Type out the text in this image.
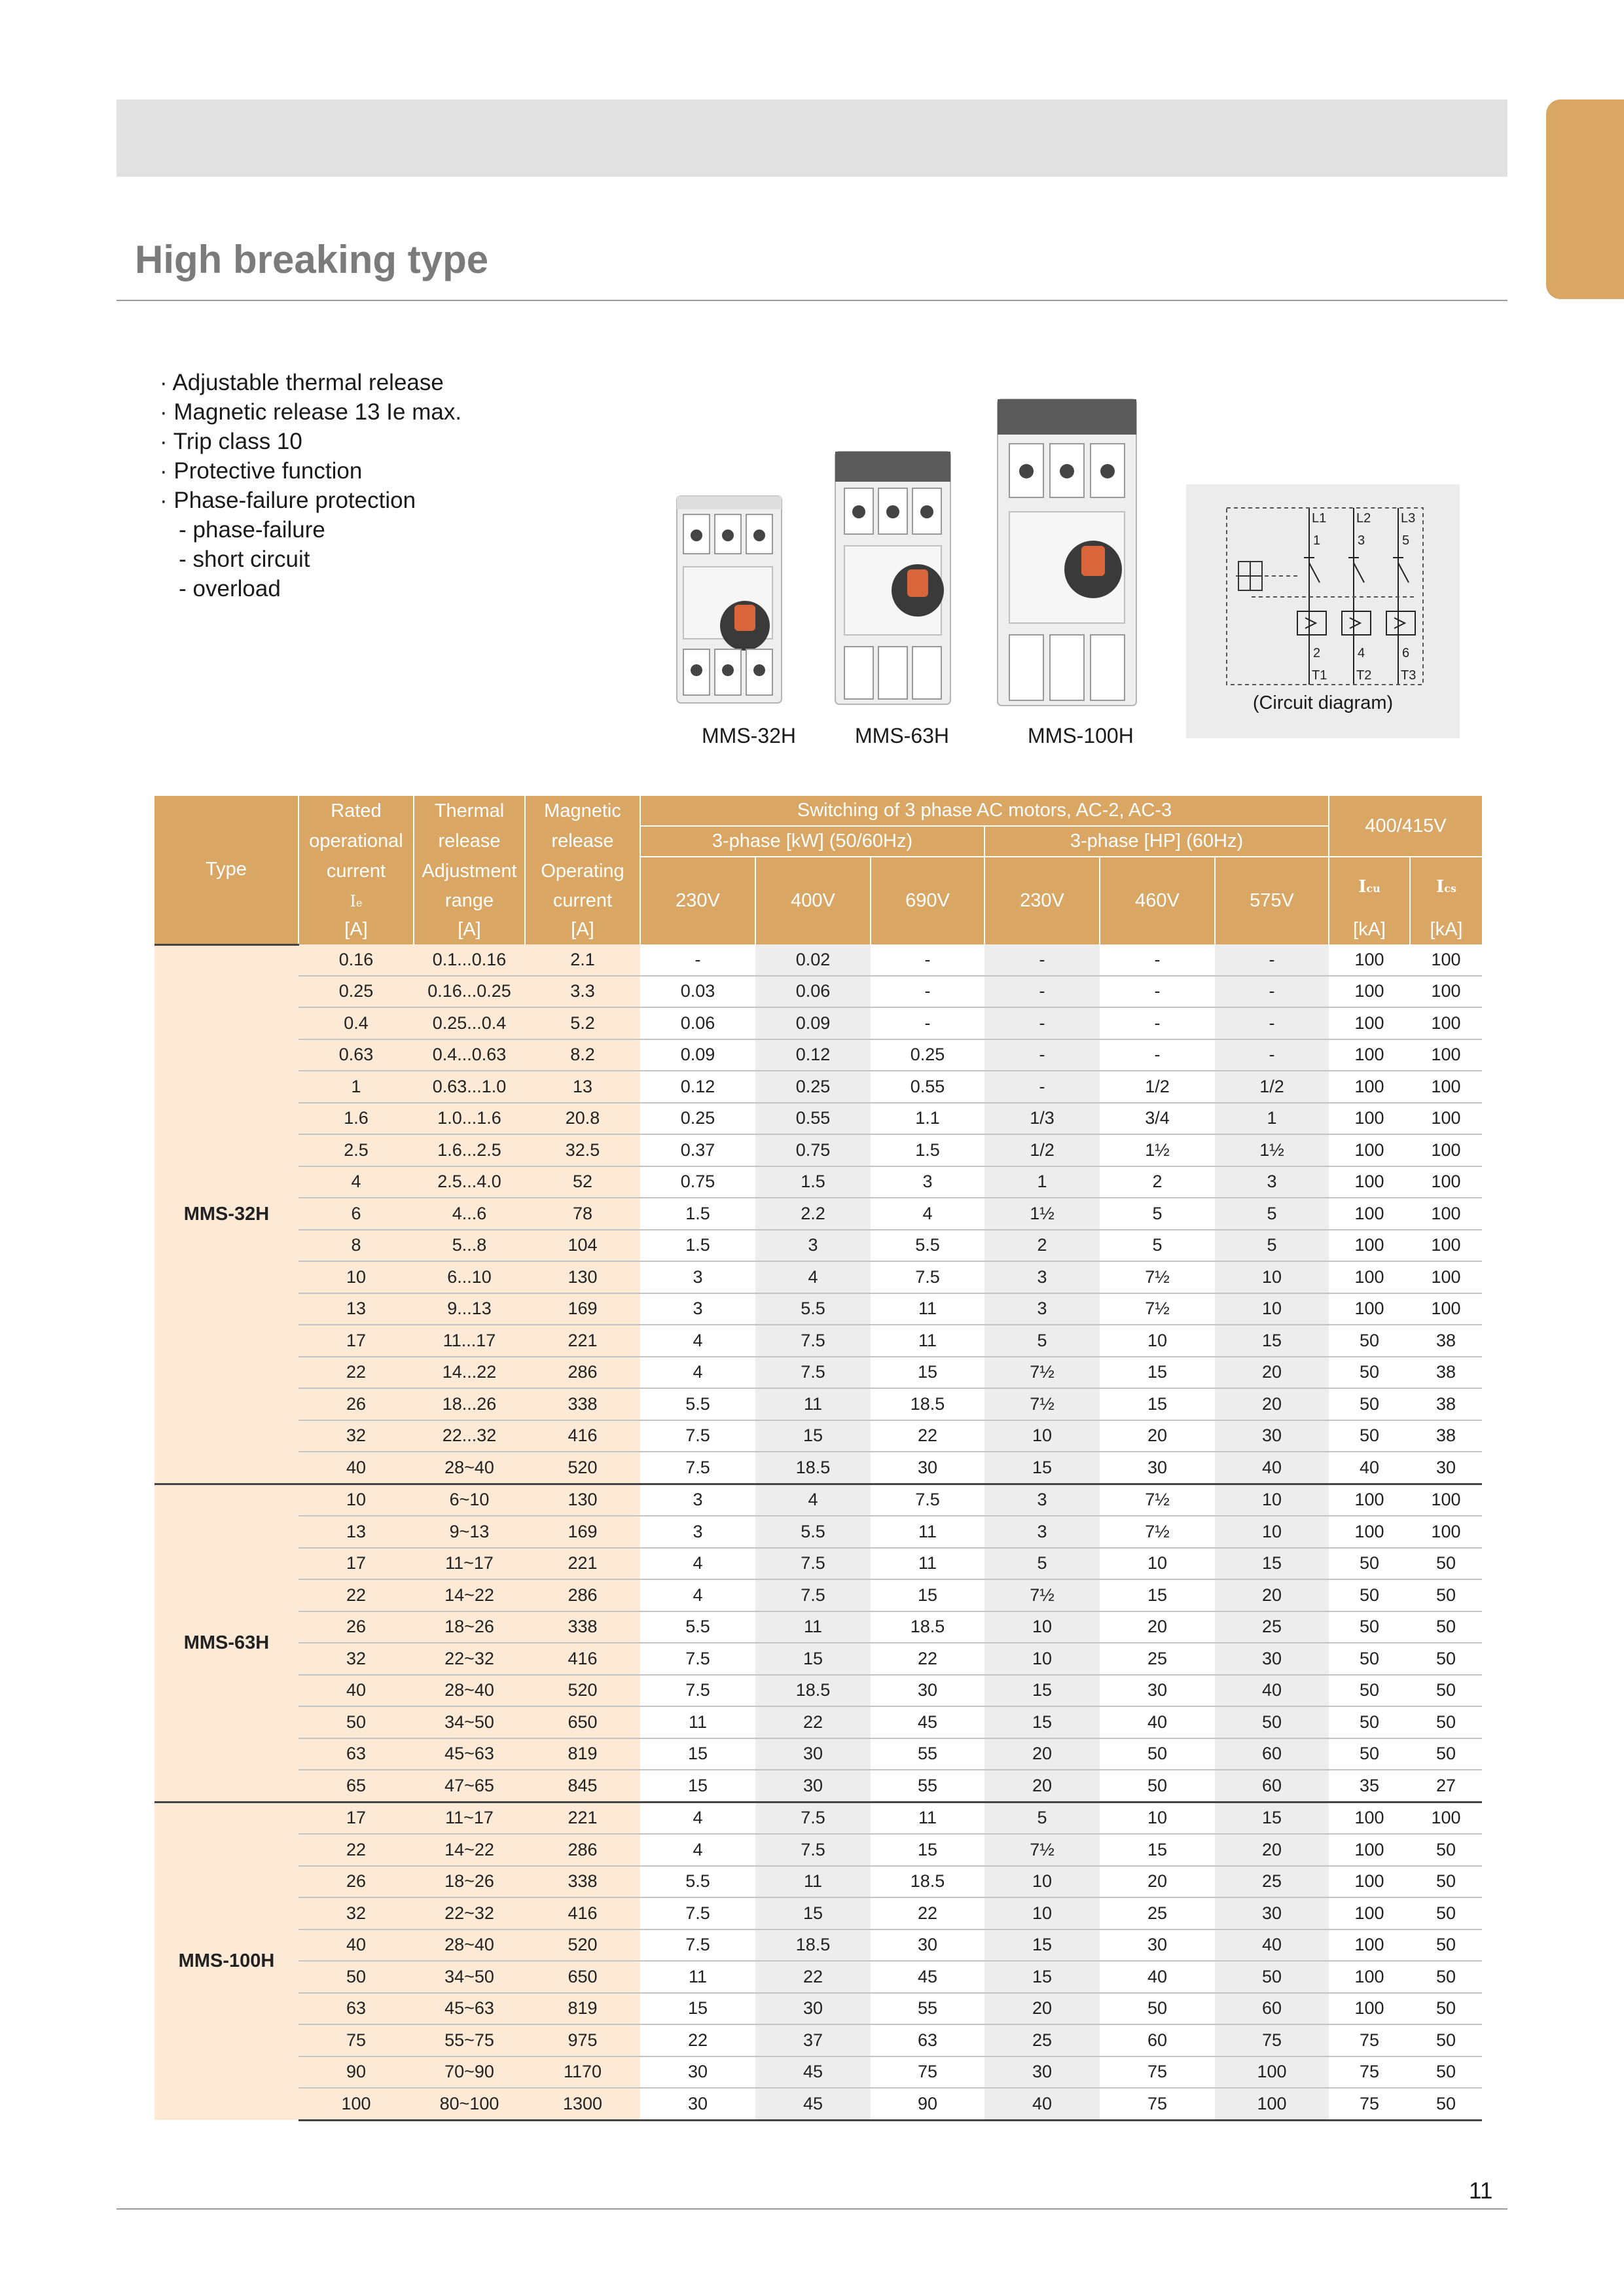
High breaking type
· Adjustable thermal release
· Magnetic release 13 Ie max.
· Trip class 10
· Protective function
· Phase-failure protection
- phase-failure
- short circuit
- overload
MMS-32H	MMS-63H	MMS-100H
L1 L2 L3
1	3	5
2	4	6
T1 T2 T3
(Circuit diagram)
Type	Rated	Thermal	Magnetic	Switching of 3 phase AC motors, AC-2, AC-3						400/415V	
	operational	release	release	3-phase [kW] (50/60Hz)			3-phase [HP] (60Hz)				
	current	Adjustment	Operating	230V	400V	690V	230V	460V	575V	Icu	Ics
	Ie	range	current								
	[A]	[A]	[A]							[kA]	[kA]
MMS-32H	0.16	0.1...0.16	2.1	-	0.02	-	-	-	-	100	100
	0.25	0.16...0.25	3.3	0.03	0.06	-	-	-	-	100	100
	0.4	0.25...0.4	5.2	0.06	0.09	-	-	-	-	100	100
	0.63	0.4...0.63	8.2	0.09	0.12	0.25	-	-	-	100	100
	1	0.63...1.0	13	0.12	0.25	0.55	-	1/2	1/2	100	100
	1.6	1.0...1.6	20.8	0.25	0.55	1.1	1/3	3/4	1	100	100
	2.5	1.6...2.5	32.5	0.37	0.75	1.5	1/2	1½	1½	100	100
	4	2.5...4.0	52	0.75	1.5	3	1	2	3	100	100
	6	4...6	78	1.5	2.2	4	1½	5	5	100	100
	8	5...8	104	1.5	3	5.5	2	5	5	100	100
	10	6...10	130	3	4	7.5	3	7½	10	100	100
	13	9...13	169	3	5.5	11	3	7½	10	100	100
	17	11...17	221	4	7.5	11	5	10	15	50	38
	22	14...22	286	4	7.5	15	7½	15	20	50	38
	26	18...26	338	5.5	11	18.5	7½	15	20	50	38
	32	22...32	416	7.5	15	22	10	20	30	50	38
	40	28~40	520	7.5	18.5	30	15	30	40	40	30
MMS-63H	10	6~10	130	3	4	7.5	3	7½	10	100	100
	13	9~13	169	3	5.5	11	3	7½	10	100	100
	17	11~17	221	4	7.5	11	5	10	15	50	50
	22	14~22	286	4	7.5	15	7½	15	20	50	50
	26	18~26	338	5.5	11	18.5	10	20	25	50	50
	32	22~32	416	7.5	15	22	10	25	30	50	50
	40	28~40	520	7.5	18.5	30	15	30	40	50	50
	50	34~50	650	11	22	45	15	40	50	50	50
	63	45~63	819	15	30	55	20	50	60	50	50
	65	47~65	845	15	30	55	20	50	60	35	27
MMS-100H	17	11~17	221	4	7.5	11	5	10	15	100	100
	22	14~22	286	4	7.5	15	7½	15	20	100	50
	26	18~26	338	5.5	11	18.5	10	20	25	100	50
	32	22~32	416	7.5	15	22	10	25	30	100	50
	40	28~40	520	7.5	18.5	30	15	30	40	100	50
	50	34~50	650	11	22	45	15	40	50	100	50
	63	45~63	819	15	30	55	20	50	60	100	50
	75	55~75	975	22	37	63	25	60	75	75	50
	90	70~90	1170	30	45	75	30	75	100	75	50
	100	80~100	1300	30	45	90	40	75	100	75	50
11
